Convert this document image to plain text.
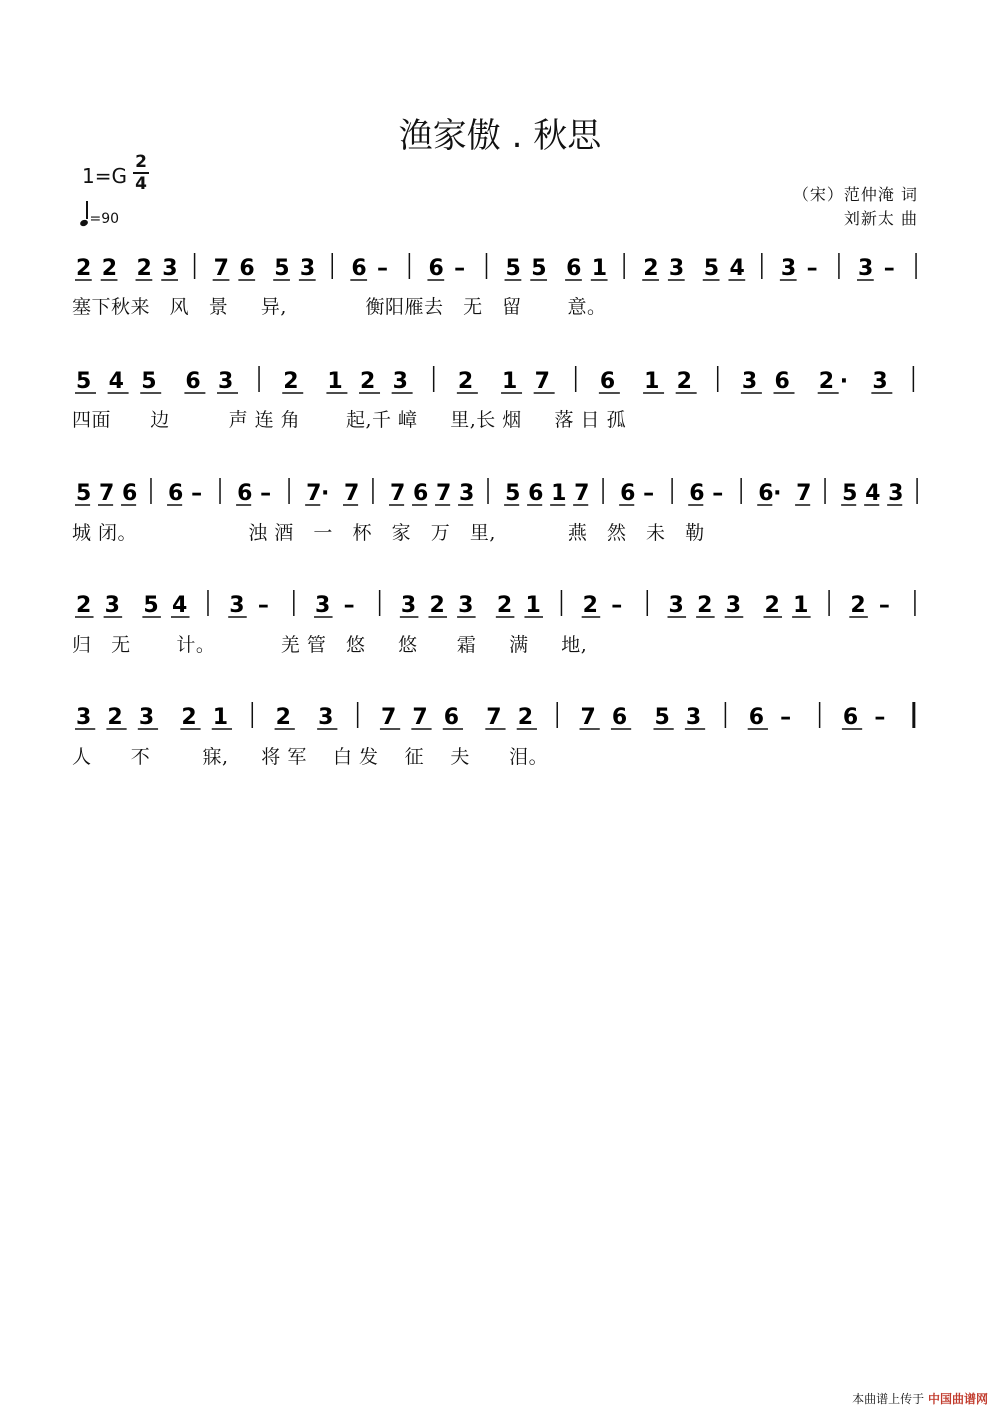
渔家傲 . 秋思
1=G
2
4
=90
（宋）范仲淹 词
刘新太 曲
2 2 2 3 7 6 5 3 6 – 6 – 5 5 6 1 2 3 5 4 3 – 3 –
5 4 5 6 3 2 1 2 3 2 1 7 6 1 2 3 6 2 · 3
5 7 6 6 – 6 – 7 · 7 7 6 7 3 5 6 1 7 6 – 6 – 6 · 7 5 4 3
2 3 5 4 3 – 3 – 3 2 3 2 1 2 – 3 2 3 2 1 2 –
3 2 3 2 1 2 3 7 7 6 7 2 7 6 5 3 6 – 6 –
塞下秋来   风   景     异,            衡阳雁去   无   留       意。
四面      边         声 连 角       起,千 嶂     里,长 烟     落 日 孤
城 闭。                 浊 酒   一   杯   家   万   里,           燕   然   未   勒
归   无       计。          羌 管   悠     悠      霜     满     地,
人      不        寐,     将 军    白 发    征    夫      泪。
本曲谱上传于 中国曲谱网
